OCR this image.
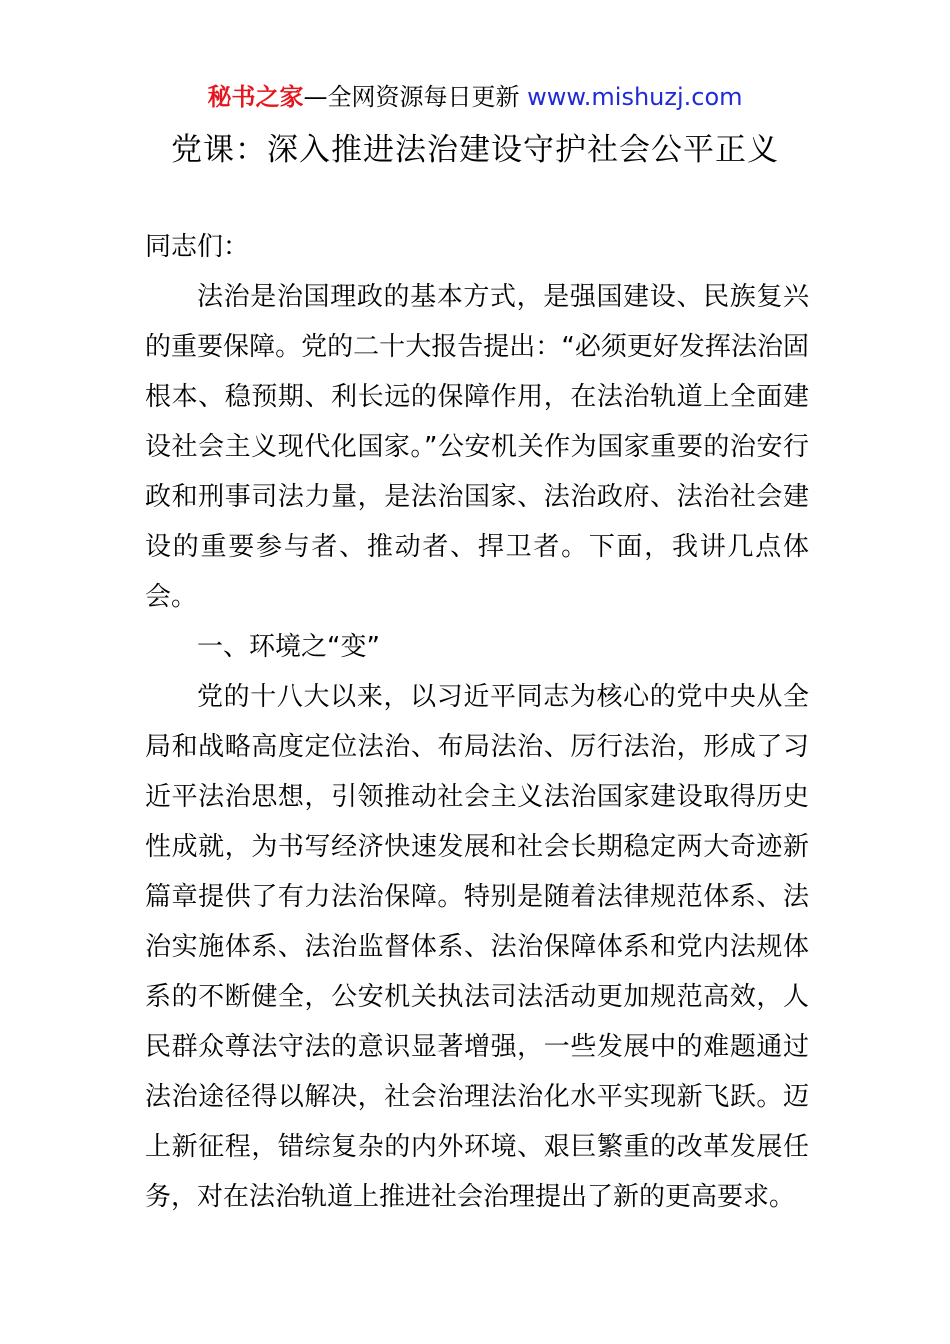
秘书之家—全网资源每日更新 www.mishuzj.com
党课：深入推进法治建设守护社会公平正义

同志们：

法治是治国理政的基本方式，是强国建设、民族复兴的重要保障。党的二十大报告提出：“必须更好发挥法治固根本、稳预期、利长远的保障作用，在法治轨道上全面建设社会主义现代化国家。”公安机关作为国家重要的治安行政和刑事司法力量，是法治国家、法治政府、法治社会建设的重要参与者、推动者、捍卫者。下面，我讲几点体会。

一、环境之“变”

党的十八大以来，以习近平同志为核心的党中央从全局和战略高度定位法治、布局法治、厉行法治，形成了习近平法治思想，引领推动社会主义法治国家建设取得历史性成就，为书写经济快速发展和社会长期稳定两大奇迹新篇章提供了有力法治保障。特别是随着法律规范体系、法治实施体系、法治监督体系、法治保障体系和党内法规体系的不断健全，公安机关执法司法活动更加规范高效，人民群众尊法守法的意识显著增强，一些发展中的难题通过法治途径得以解决，社会治理法治化水平实现新飞跃。迈上新征程，错综复杂的内外环境、艰巨繁重的改革发展任务，对在法治轨道上推进社会治理提出了新的更高要求。
